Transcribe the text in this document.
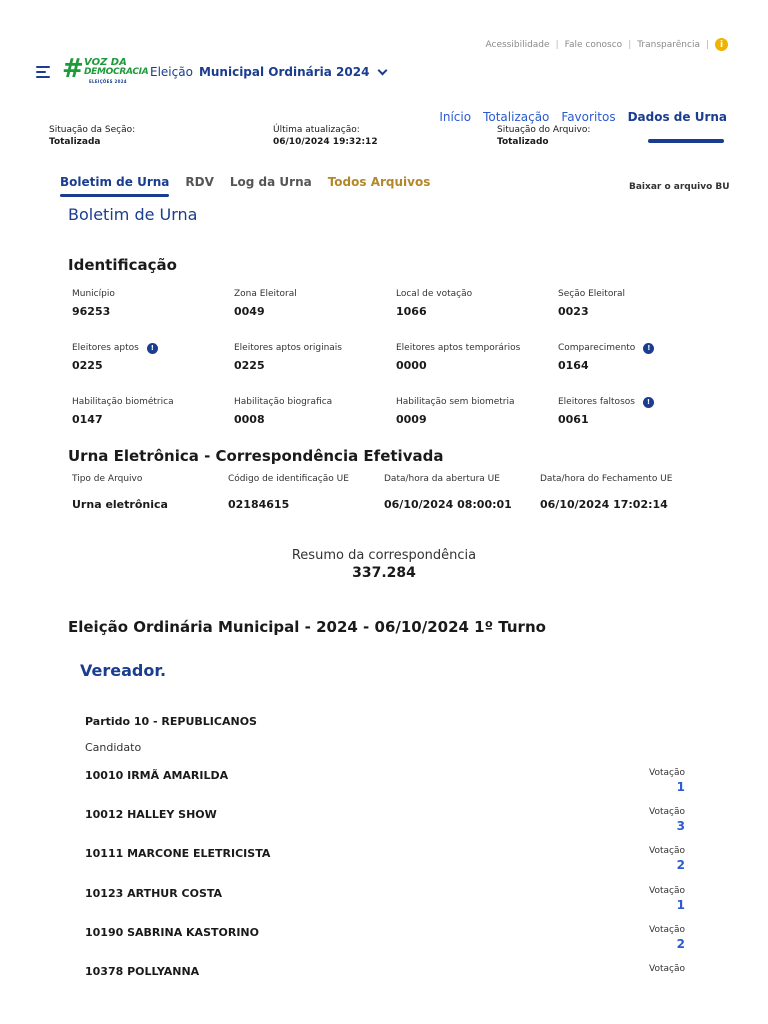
Acessibilidade | Fale conosco | Transparência |	i
# VOZ DA
DEMOCRACIA
ELEIÇÕES 2024
Eleição Municipal Ordinária 2024
Início Totalização Favoritos Dados de Urna
Situação da Seção:
Totalizada
Última atualização:
06/10/2024 19:32:12
Situação do Arquivo:
Totalizado
Boletim de Urna RDV Log da Urna Todos Arquivos	Baixar o arquivo BU
Boletim de Urna
Identificação
Município
96253
Zona Eleitoral
0049
Local de votação
1066
Seção Eleitoral
0023
Eleitores aptos	!
0225
Eleitores aptos originais
0225
Eleitores aptos temporários
0000
Comparecimento	!
0164
Habilitação biométrica
0147
Habilitação biografica
0008
Habilitação sem biometria
0009
Eleitores faltosos	!
0061
Urna Eletrônica - Correspondência Efetivada
Tipo de Arquivo
Urna eletrônica
Código de identificação UE
02184615
Data/hora da abertura UE
06/10/2024 08:00:01
Data/hora do Fechamento UE
06/10/2024 17:02:14
Resumo da correspondência
337.284
Eleição Ordinária Municipal - 2024 - 06/10/2024 1º Turno
Vereador.
Partido 10 - REPUBLICANOS
Candidato
10010 IRMÃ AMARILDA	Votação
1
10012 HALLEY SHOW	Votação
3
10111 MARCONE ELETRICISTA	Votação
2
10123 ARTHUR COSTA	Votação
1
10190 SABRINA KASTORINO	Votação
2
10378 POLLYANNA	Votação
